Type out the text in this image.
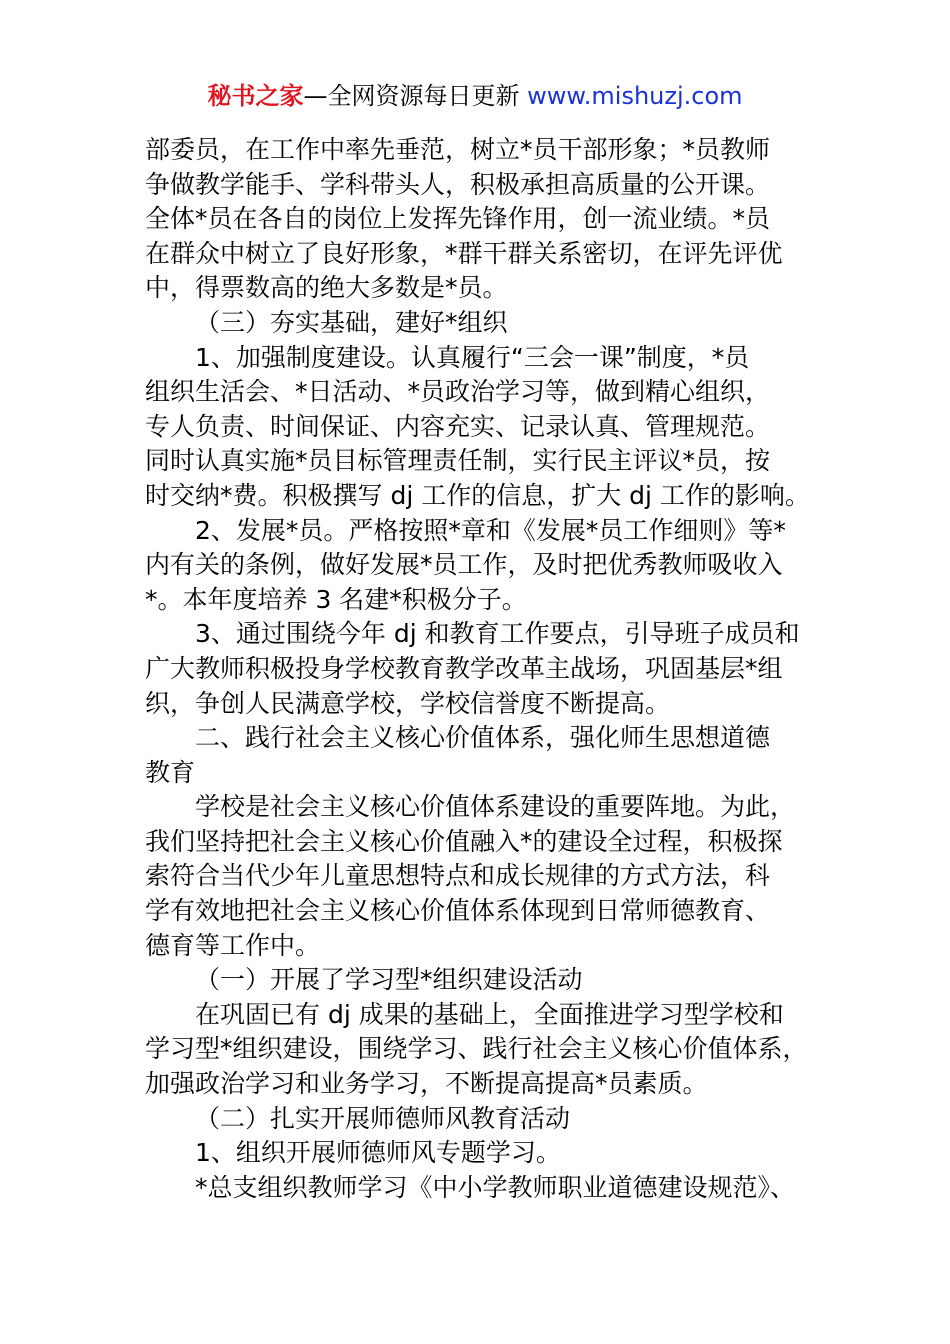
秘书之家—全网资源每日更新 www.mishuzj.com
部委员，在工作中率先垂范，树立*员干部形象；*员教师
争做教学能手、学科带头人，积极承担高质量的公开课。
全体*员在各自的岗位上发挥先锋作用，创一流业绩。*员
在群众中树立了良好形象，*群干群关系密切，在评先评优
中，得票数高的绝大多数是*员。
（三）夯实基础，建好*组织
1、加强制度建设。认真履行“三会一课”制度，*员
组织生活会、*日活动、*员政治学习等，做到精心组织，
专人负责、时间保证、内容充实、记录认真、管理规范。
同时认真实施*员目标管理责任制，实行民主评议*员，按
时交纳*费。积极撰写 dj 工作的信息，扩大 dj 工作的影响。
2、发展*员。严格按照*章和《发展*员工作细则》等*
内有关的条例，做好发展*员工作，及时把优秀教师吸收入
*。本年度培养 3 名建*积极分子。
3、通过围绕今年 dj 和教育工作要点，引导班子成员和
广大教师积极投身学校教育教学改革主战场，巩固基层*组
织，争创人民满意学校，学校信誉度不断提高。
二、践行社会主义核心价值体系，强化师生思想道德
教育
学校是社会主义核心价值体系建设的重要阵地。为此，
我们坚持把社会主义核心价值融入*的建设全过程，积极探
索符合当代少年儿童思想特点和成长规律的方式方法，科
学有效地把社会主义核心价值体系体现到日常师德教育、
德育等工作中。
（一）开展了学习型*组织建设活动
在巩固已有 dj 成果的基础上，全面推进学习型学校和
学习型*组织建设，围绕学习、践行社会主义核心价值体系，
加强政治学习和业务学习，不断提高提高*员素质。
（二）扎实开展师德师风教育活动
1、组织开展师德师风专题学习。
*总支组织教师学习《中小学教师职业道德建设规范》、
